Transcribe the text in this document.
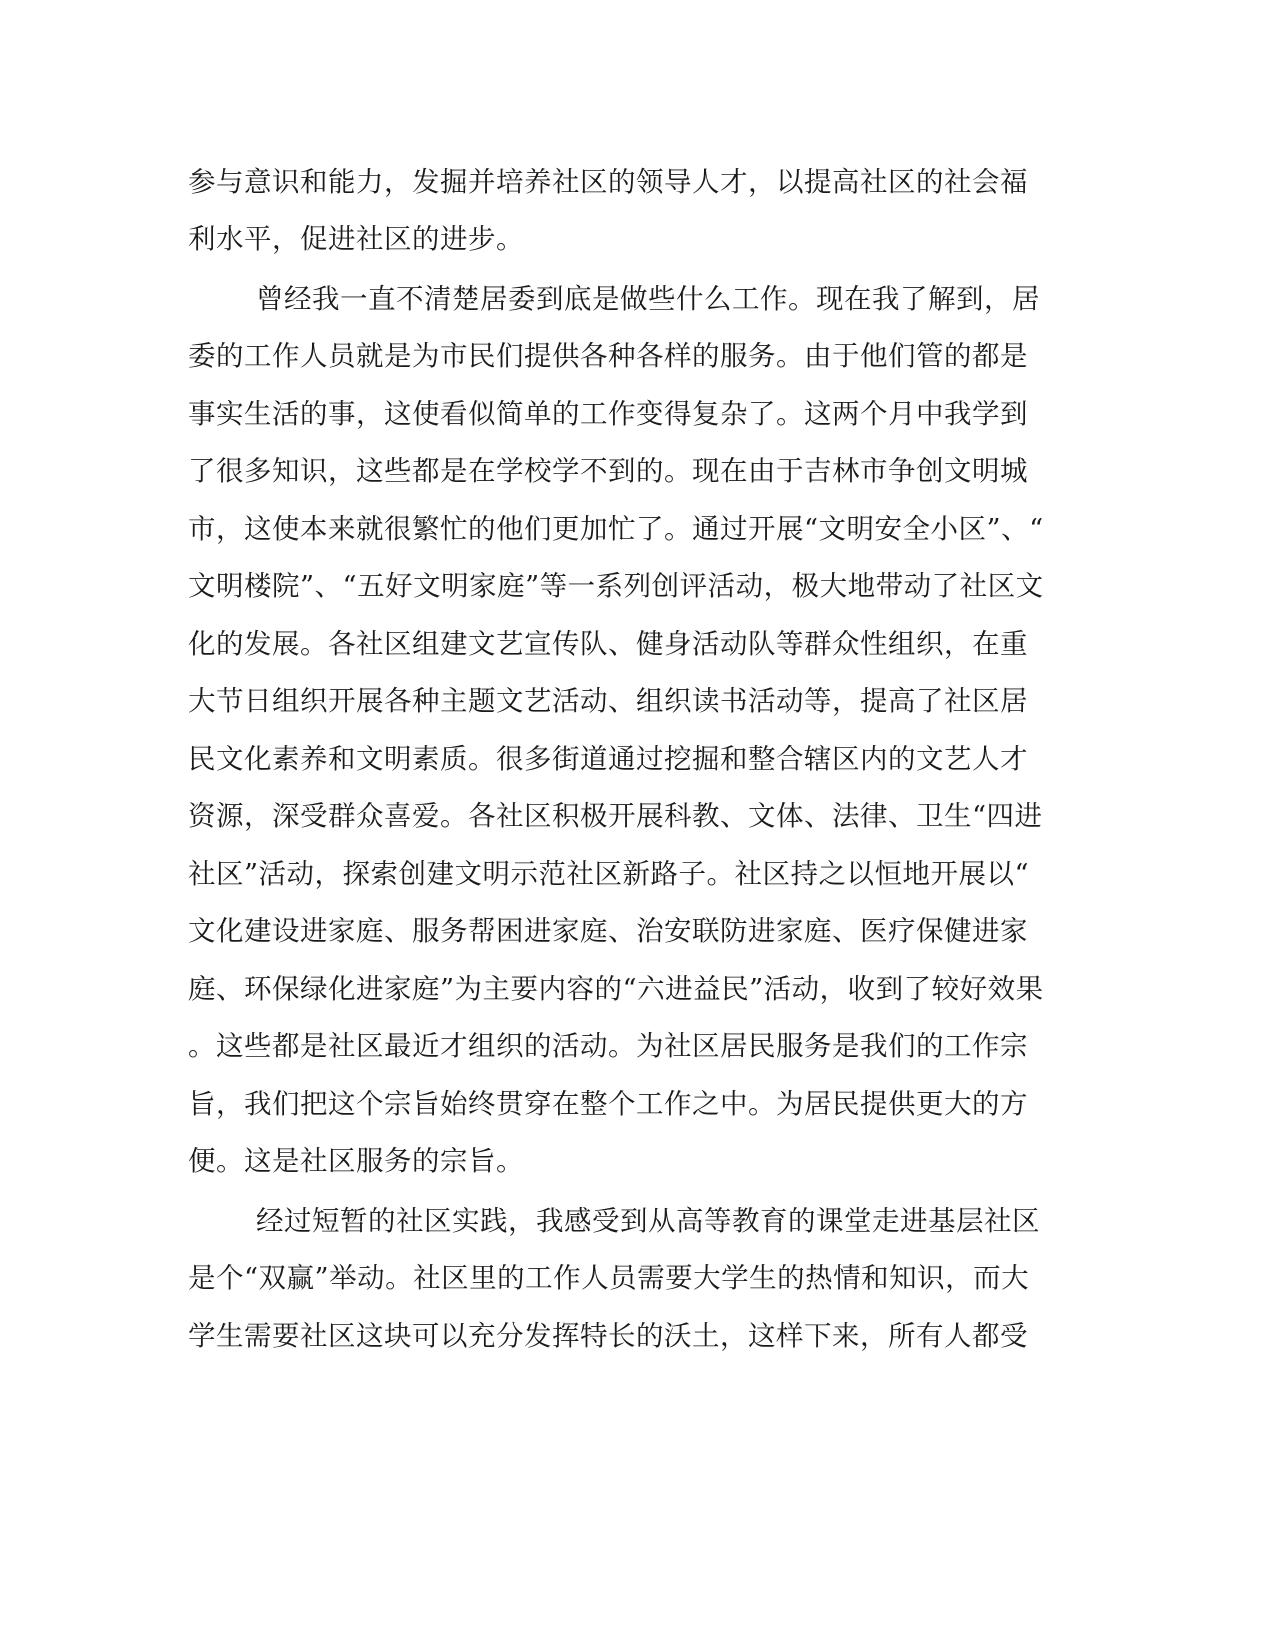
参与意识和能力，发掘并培养社区的领导人才，以提高社区的社会福
利水平，促进社区的进步。
曾经我一直不清楚居委到底是做些什么工作。现在我了解到，居
委的工作人员就是为市民们提供各种各样的服务。由于他们管的都是
事实生活的事，这使看似简单的工作变得复杂了。这两个月中我学到
了很多知识，这些都是在学校学不到的。现在由于吉林市争创文明城
市，这使本来就很繁忙的他们更加忙了。通过开展“文明安全小区”、“
文明楼院”、“五好文明家庭”等一系列创评活动，极大地带动了社区文
化的发展。各社区组建文艺宣传队、健身活动队等群众性组织，在重
大节日组织开展各种主题文艺活动、组织读书活动等，提高了社区居
民文化素养和文明素质。很多街道通过挖掘和整合辖区内的文艺人才
资源，深受群众喜爱。各社区积极开展科教、文体、法律、卫生“四进
社区”活动，探索创建文明示范社区新路子。社区持之以恒地开展以“
文化建设进家庭、服务帮困进家庭、治安联防进家庭、医疗保健进家
庭、环保绿化进家庭”为主要内容的“六进益民”活动，收到了较好效果
。这些都是社区最近才组织的活动。为社区居民服务是我们的工作宗
旨，我们把这个宗旨始终贯穿在整个工作之中。为居民提供更大的方
便。这是社区服务的宗旨。
经过短暂的社区实践，我感受到从高等教育的课堂走进基层社区
是个“双赢”举动。社区里的工作人员需要大学生的热情和知识，而大
学生需要社区这块可以充分发挥特长的沃土，这样下来，所有人都受
